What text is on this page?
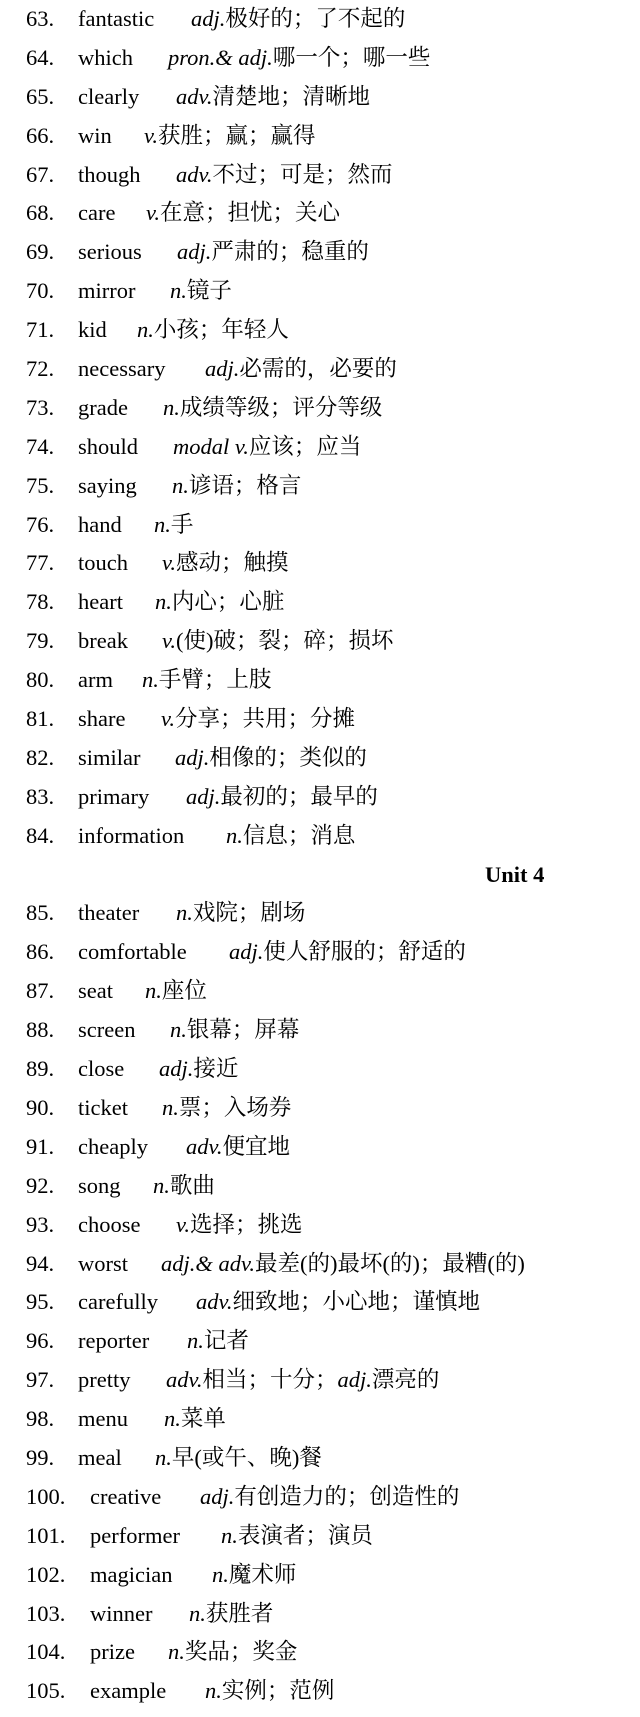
63. fantastic adj.极好的；了不起的
64. which pron.& adj.哪一个；哪一些
65. clearly adv.清楚地；清晰地
66. win v.获胜；赢；赢得
67. though adv.不过；可是；然而
68. care v.在意；担忧；关心
69. serious adj.严肃的；稳重的
70. mirror n.镜子
71. kid n.小孩；年轻人
72. necessary adj.必需的，必要的
73. grade n.成绩等级；评分等级
74. should modal v.应该；应当
75. saying n.谚语；格言
76. hand n.手
77. touch v.感动；触摸
78. heart n.内心；心脏
79. break v.(使)破；裂；碎；损坏
80. arm n.手臂；上肢
81. share v.分享；共用；分摊
82. similar adj.相像的；类似的
83. primary adj.最初的；最早的
84. information n.信息；消息
Unit 4
85. theater n.戏院；剧场
86. comfortable adj.使人舒服的；舒适的
87. seat n.座位
88. screen n.银幕；屏幕
89. close adj.接近
90. ticket n.票；入场券
91. cheaply adv.便宜地
92. song n.歌曲
93. choose v.选择；挑选
94. worst adj.& adv.最差(的)最坏(的)；最糟(的)
95. carefully adv.细致地；小心地；谨慎地
96. reporter n.记者
97. pretty adv.相当；十分；adj.漂亮的
98. menu n.菜单
99. meal n.早(或午、晚)餐
100. creative adj.有创造力的；创造性的
101. performer n.表演者；演员
102. magician n.魔术师
103. winner n.获胜者
104. prize n.奖品；奖金
105. example n.实例；范例
